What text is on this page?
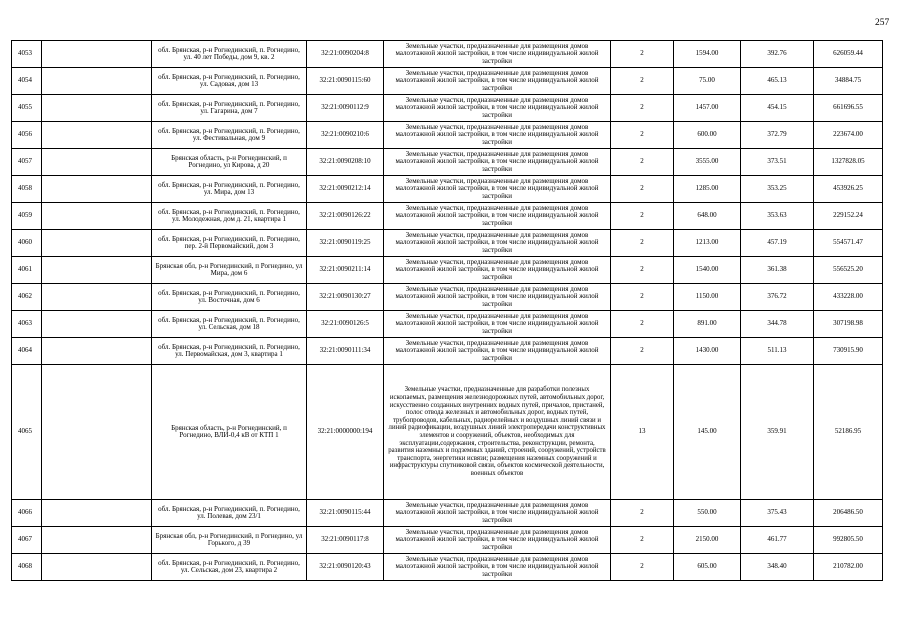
257
4053		обл. Брянская, р-н Рогнединский, п. Рогнедино, ул. 40 лет Победы, дом 9, кв. 2	32:21:0090204:8	Земельные участки, предназначенные для размещения домов малоэтажной жилой застройки, в том числе индивидуальной жилой застройки	2	1594.00	392.76	626059.44
4054		обл. Брянская, р-н Рогнединский, п. Рогнедино, ул. Садовая, дом 13	32:21:0090115:60	Земельные участки, предназначенные для размещения домов малоэтажной жилой застройки, в том числе индивидуальной жилой застройки	2	75.00	465.13	34884.75
4055		обл. Брянская, р-н Рогнединский, п. Рогнедино, ул. Гагарина, дом 7	32:21:0090112:9	Земельные участки, предназначенные для размещения домов малоэтажной жилой застройки, в том числе индивидуальной жилой застройки	2	1457.00	454.15	661696.55
4056		обл. Брянская, р-н Рогнединский, п. Рогнедино, ул. Фестивальная, дом 9	32:21:0090210:6	Земельные участки, предназначенные для размещения домов малоэтажной жилой застройки, в том числе индивидуальной жилой застройки	2	600.00	372.79	223674.00
4057		Брянская область, р-н Рогнединский, п Рогнедино, ул Кирова, д 20	32:21:0090208:10	Земельные участки, предназначенные для размещения домов малоэтажной жилой застройки, в том числе индивидуальной жилой застройки	2	3555.00	373.51	1327828.05
4058		обл. Брянская, р-н Рогнединский, п. Рогнедино, ул. Мира, дом 13	32:21:0090212:14	Земельные участки, предназначенные для размещения домов малоэтажной жилой застройки, в том числе индивидуальной жилой застройки	2	1285.00	353.25	453926.25
4059		обл. Брянская, р-н Рогнединский, п. Рогнедино, ул. Молодежная, дом д. 21, квартира 1	32:21:0090126:22	Земельные участки, предназначенные для размещения домов малоэтажной жилой застройки, в том числе индивидуальной жилой застройки	2	648.00	353.63	229152.24
4060		обл. Брянская, р-н Рогнединский, п. Рогнедино, пер. 2-й Первомайский, дом 3	32:21:0090119:25	Земельные участки, предназначенные для размещения домов малоэтажной жилой застройки, в том числе индивидуальной жилой застройки	2	1213.00	457.19	554571.47
4061		Брянская обл, р-н Рогнединский, п Рогнедино, ул Мира, дом 6	32:21:0090211:14	Земельные участки, предназначенные для размещения домов малоэтажной жилой застройки, в том числе индивидуальной жилой застройки	2	1540.00	361.38	556525.20
4062		обл. Брянская, р-н Рогнединский, п. Рогнедино, ул. Восточная, дом 6	32:21:0090130:27	Земельные участки, предназначенные для размещения домов малоэтажной жилой застройки, в том числе индивидуальной жилой застройки	2	1150.00	376.72	433228.00
4063		обл. Брянская, р-н Рогнединский, п. Рогнедино, ул. Сельская, дом 18	32:21:0090126:5	Земельные участки, предназначенные для размещения домов малоэтажной жилой застройки, в том числе индивидуальной жилой застройки	2	891.00	344.78	307198.98
4064		обл. Брянская, р-н Рогнединский, п. Рогнедино, ул. Первомайская, дом 3, квартира 1	32:21:0090111:34	Земельные участки, предназначенные для размещения домов малоэтажной жилой застройки, в том числе индивидуальной жилой застройки	2	1430.00	511.13	730915.90
4065		Брянская область, р-н Рогнединский, п Рогнедино, ВЛИ-0,4 кВ от КТП 1	32:21:0000000:194	Земельные участки, предназначенные для разработки полезных ископаемых, размещения железнодорожных путей, автомобильных дорог, искусственно созданных внутренних водных путей, причалов, пристаней, полос отвода железных и автомобильных дорог, водных путей, трубопроводов, кабельных, радиорелейных и воздушных линий связи и линий радиофикации, воздушных линий электропередачи конструктивных элементов и сооружений, объектов, необходимых для эксплуатации,содержания, строительства, реконструкции, ремонта, развития наземных и подземных зданий, строений, сооружений, устройств транспорта, энергетики исвязи; размещения наземных сооружений и инфраструктуры спутниковой связи, объектов космической деятельности, военных объектов	13	145.00	359.91	52186.95
4066		обл. Брянская, р-н Рогнединский, п. Рогнедино, ул. Полевая, дом 23/1	32:21:0090115:44	Земельные участки, предназначенные для размещения домов малоэтажной жилой застройки, в том числе индивидуальной жилой застройки	2	550.00	375.43	206486.50
4067		Брянская обл, р-н Рогнединский, п Рогнедино, ул Горького, д 39	32:21:0090117:8	Земельные участки, предназначенные для размещения домов малоэтажной жилой застройки, в том числе индивидуальной жилой застройки	2	2150.00	461.77	992805.50
4068		обл. Брянская, р-н Рогнединский, п. Рогнедино, ул. Сельская, дом 23, квартира 2	32:21:0090120:43	Земельные участки, предназначенные для размещения домов малоэтажной жилой застройки, в том числе индивидуальной жилой застройки	2	605.00	348.40	210782.00
